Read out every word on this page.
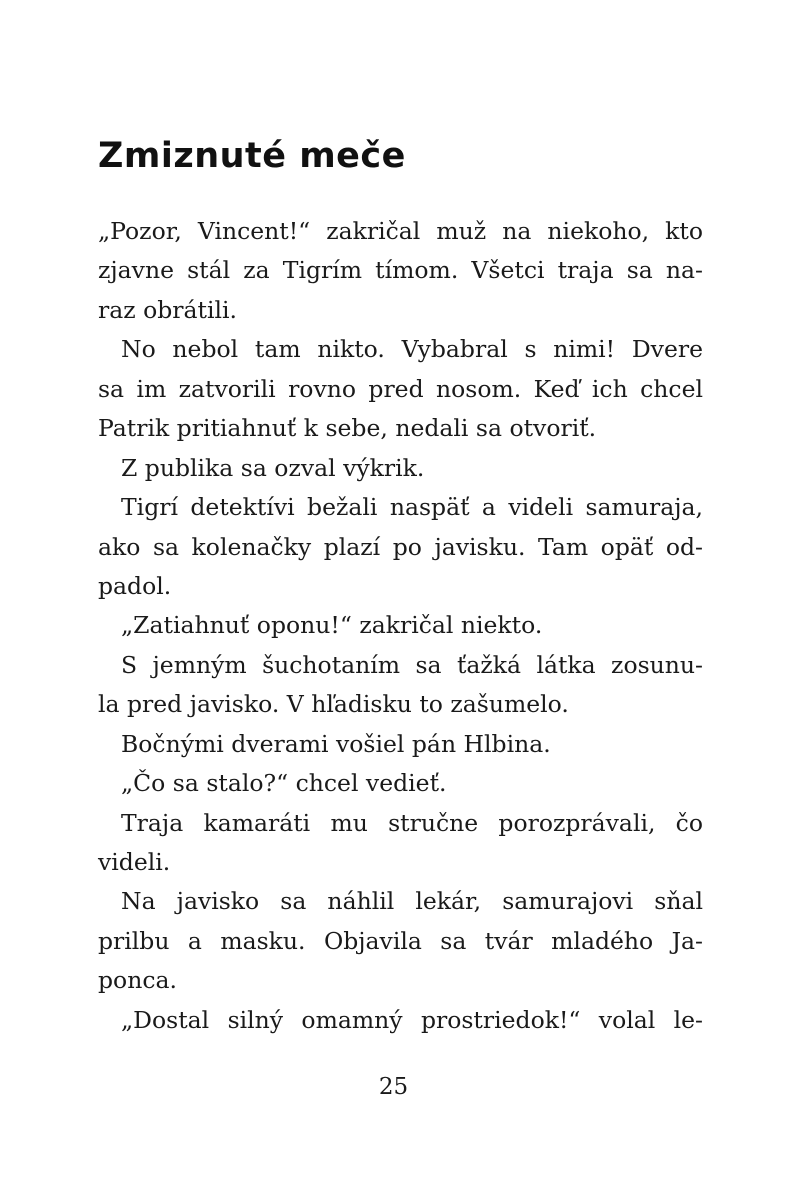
Zmiznuté meče
„Pozor, Vincent!“ zakričal muž na niekoho, kto
zjavne stál za Tigrím tímom. Všetci traja sa na-
raz obrátili.
No nebol tam nikto. Vybabral s nimi! Dvere
sa im zatvorili rovno pred nosom. Keď ich chcel
Patrik pritiahnuť k sebe, nedali sa otvoriť.
Z publika sa ozval výkrik.
Tigrí detektívi bežali naspäť a videli samuraja,
ako sa kolenačky plazí po javisku. Tam opäť od-
padol.
„Zatiahnuť oponu!“ zakričal niekto.
S jemným šuchotaním sa ťažká látka zosunu-
la pred javisko. V hľadisku to zašumelo.
Bočnými dverami vošiel pán Hlbina.
„Čo sa stalo?“ chcel vedieť.
Traja kamaráti mu stručne porozprávali, čo
videli.
Na javisko sa náhlil lekár, samurajovi sňal
prilbu a masku. Objavila sa tvár mladého Ja-
ponca.
„Dostal silný omamný prostriedok!“ volal le-
25
